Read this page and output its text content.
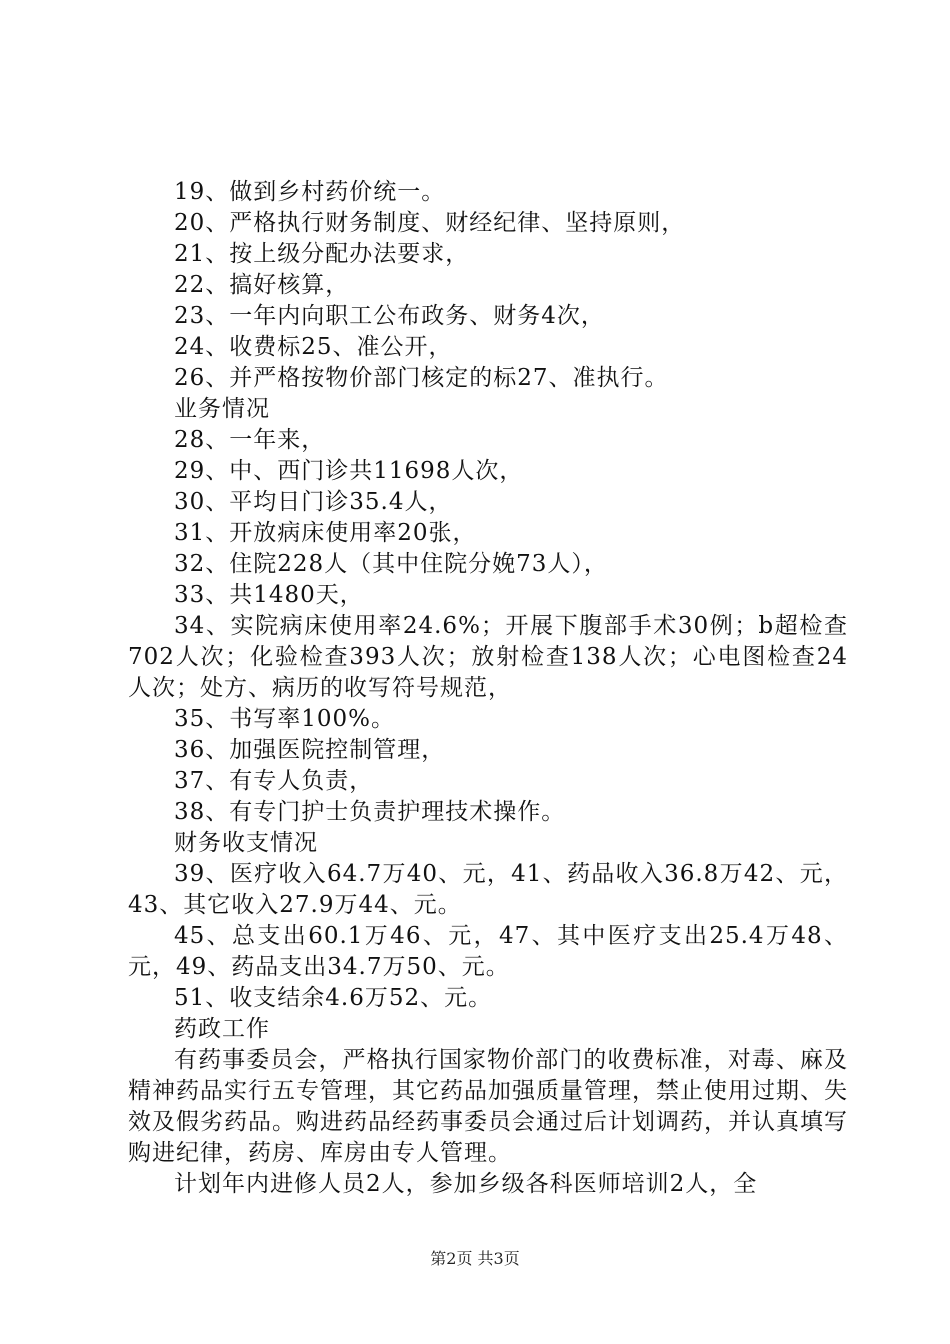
19、做到乡村药价统一。

20、严格执行财务制度、财经纪律、坚持原则，

21、按上级分配办法要求，

22、搞好核算，

23、一年内向职工公布政务、财务4次，

24、收费标25、准公开，

26、并严格按物价部门核定的标27、准执行。

业务情况

28、一年来，

29、中、西门诊共11698人次，

30、平均日门诊35.4人，

31、开放病床使用率20张，

32、住院228人（其中住院分娩73人），

33、共1480天，

34、实院病床使用率24.6%；开展下腹部手术30例；b超检查702人次；化验检查393人次；放射检查138人次；心电图检查24人次；处方、病历的收写符号规范，

35、书写率100%。

36、加强医院控制管理，

37、有专人负责，

38、有专门护士负责护理技术操作。

财务收支情况

39、医疗收入64.7万40、元，41、药品收入36.8万42、元，43、其它收入27.9万44、元。

45、总支出60.1万46、元，47、其中医疗支出25.4万48、元，49、药品支出34.7万50、元。

51、收支结余4.6万52、元。

药政工作

有药事委员会，严格执行国家物价部门的收费标准，对毒、麻及精神药品实行五专管理，其它药品加强质量管理，禁止使用过期、失效及假劣药品。购进药品经药事委员会通过后计划调药，并认真填写购进纪律，药房、库房由专人管理。

计划年内进修人员2人，参加乡级各科医师培训2人，全

第2页 共3页
